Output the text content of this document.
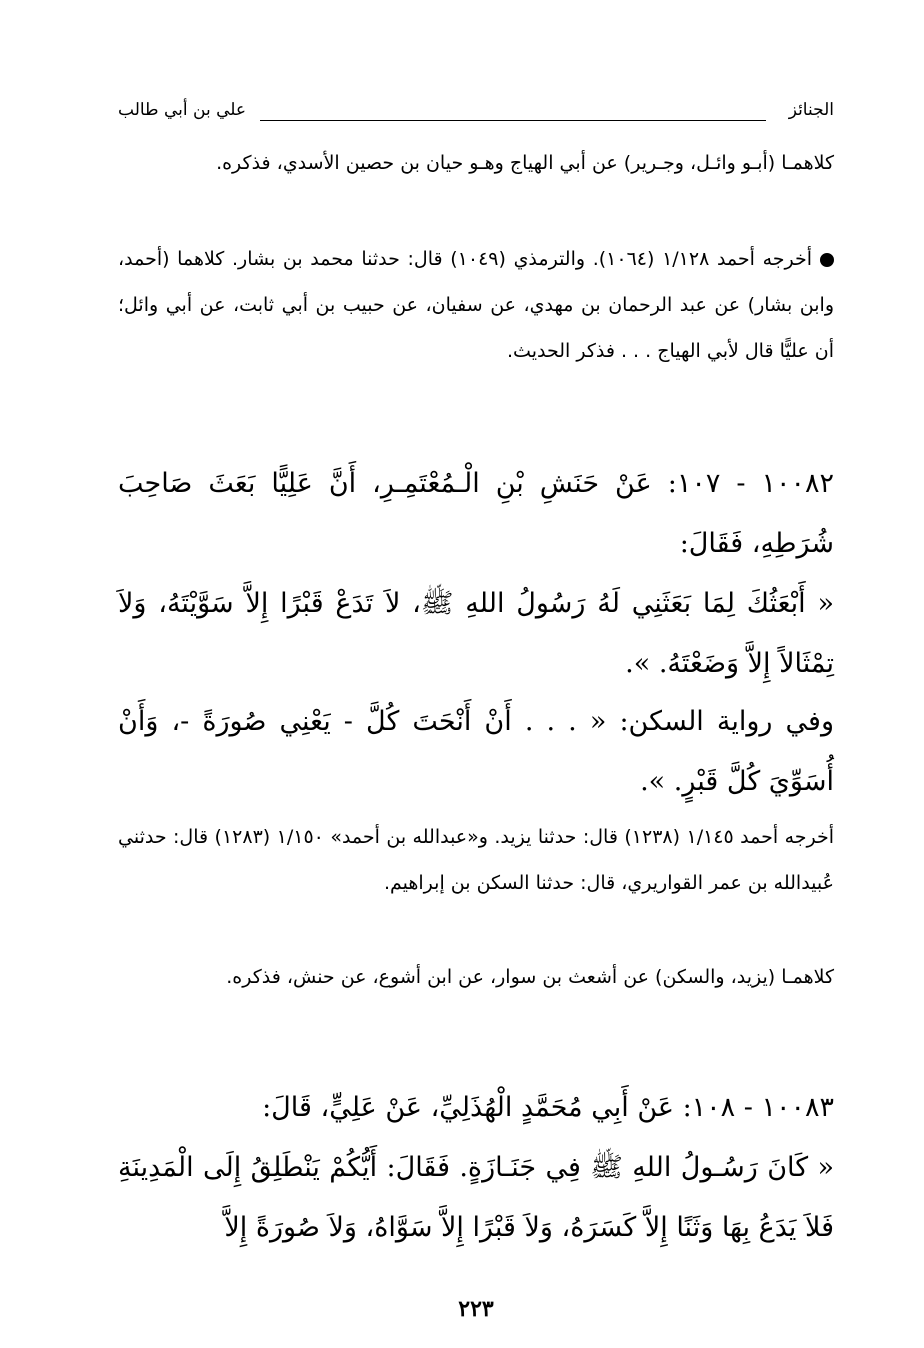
الجنائز
علي بن أبي طالب

كلاهمـا (أبـو وائـل، وجـرير) عن أبي الهياج وهـو حيان بن حصين الأسدي، فذكره.

أخرجه أحمد ١/١٢٨ (١٠٦٤). والترمذي (١٠٤٩) قال: حدثنا محمد بن بشار. كلاهما (أحمد، وابن بشار) عن عبد الرحمان بن مهدي، عن سفيان، عن حبيب بن أبي ثابت، عن أبي وائل؛ أن عليًّا قال لأبي الهياج . . . فذكر الحديث.

١٠٠٨٢ - ١٠٧: عَنْ حَنَشِ بْنِ الْـمُعْتَمِـرِ، أَنَّ عَلِيًّا بَعَثَ صَاحِبَ شُرَطِهِ، فَقَالَ:

« أَبْعَثُكَ لِمَا بَعَثَنِي لَهُ رَسُولُ اللهِ ﷺ، لاَ تَدَعْ قَبْرًا إِلاَّ سَوَّيْتَهُ، وَلاَ تِمْثَالاً إِلاَّ وَضَعْتَهُ. ».

وفي رواية السكن: « . . . أَنْ أَنْحَتَ كُلَّ - يَعْنِي صُورَةً -، وَأَنْ أُسَوِّيَ كُلَّ قَبْرٍ. ».

أخرجه أحمد ١/١٤٥ (١٢٣٨) قال: حدثنا يزيد. و«عبدالله بن أحمد» ١/١٥٠ (١٢٨٣) قال: حدثني عُبيدالله بن عمر القواريري، قال: حدثنا السكن بن إبراهيم.

كلاهمـا (يزيد، والسكن) عن أشعث بن سوار، عن ابن أشوع، عن حنش، فذكره.

١٠٠٨٣ - ١٠٨: عَنْ أَبِي مُحَمَّدٍ الْهُذَلِيِّ، عَنْ عَلِيٍّ، قَالَ:

« كَانَ رَسُـولُ اللهِ ﷺ فِي جَنَـازَةٍ. فَقَالَ: أَيُّكُمْ يَنْطَلِقُ إِلَى الْمَدِينَةِ فَلاَ يَدَعُ بِهَا وَثَنًا إِلاَّ كَسَرَهُ، وَلاَ قَبْرًا إِلاَّ سَوَّاهُ، وَلاَ صُورَةً إِلاَّ

٢٢٣
